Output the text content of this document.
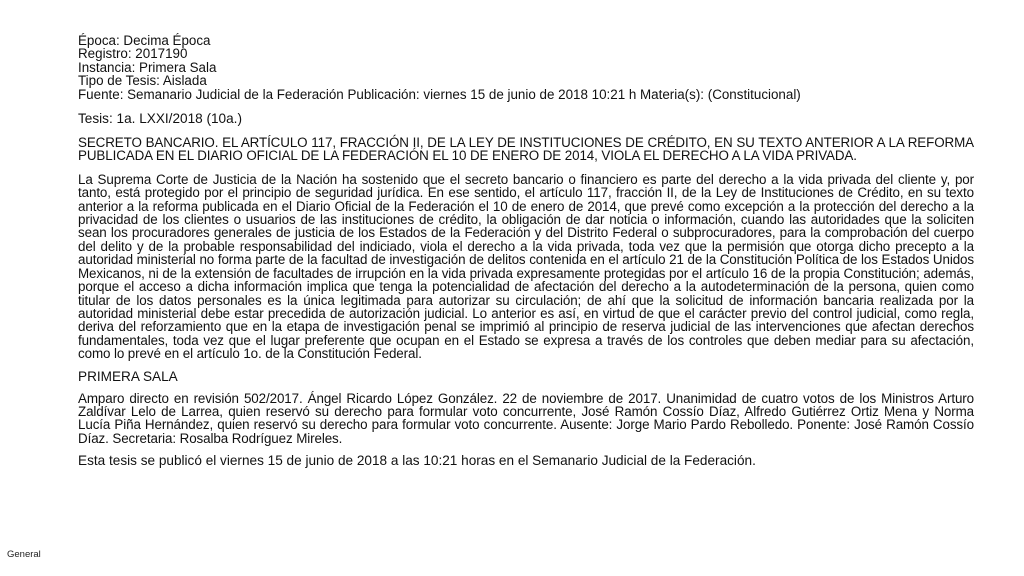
Época: Decima Época
Registro: 2017190
Instancia: Primera Sala
Tipo de Tesis: Aislada
Fuente: Semanario Judicial de la Federación Publicación: viernes 15 de junio de 2018 10:21 h Materia(s): (Constitucional)
Tesis: 1a. LXXI/2018 (10a.)

SECRETO BANCARIO. EL ARTÍCULO 117, FRACCIÓN II, DE LA LEY DE INSTITUCIONES DE CRÉDITO, EN SU TEXTO ANTERIOR A LA REFORMA PUBLICADA EN EL DIARIO OFICIAL DE LA FEDERACIÓN EL 10 DE ENERO DE 2014, VIOLA EL DERECHO A LA VIDA PRIVADA.

La Suprema Corte de Justicia de la Nación ha sostenido que el secreto bancario o financiero es parte del derecho a la vida privada del cliente y, por tanto, está protegido por el principio de seguridad jurídica. En ese sentido, el artículo 117, fracción II, de la Ley de Instituciones de Crédito, en su texto anterior a la reforma publicada en el Diario Oficial de la Federación el 10 de enero de 2014, que prevé como excepción a la protección del derecho a la privacidad de los clientes o usuarios de las instituciones de crédito, la obligación de dar noticia o información, cuando las autoridades que la soliciten sean los procuradores generales de justicia de los Estados de la Federación y del Distrito Federal o subprocuradores, para la comprobación del cuerpo del delito y de la probable responsabilidad del indiciado, viola el derecho a la vida privada, toda vez que la permisión que otorga dicho precepto a la autoridad ministerial no forma parte de la facultad de investigación de delitos contenida en el artículo 21 de la Constitución Política de los Estados Unidos Mexicanos, ni de la extensión de facultades de irrupción en la vida privada expresamente protegidas por el artículo 16 de la propia Constitución; además, porque el acceso a dicha información implica que tenga la potencialidad de afectación del derecho a la autodeterminación de la persona, quien como titular de los datos personales es la única legitimada para autorizar su circulación; de ahí que la solicitud de información bancaria realizada por la autoridad ministerial debe estar precedida de autorización judicial. Lo anterior es así, en virtud de que el carácter previo del control judicial, como regla, deriva del reforzamiento que en la etapa de investigación penal se imprimió al principio de reserva judicial de las intervenciones que afectan derechos fundamentales, toda vez que el lugar preferente que ocupan en el Estado se expresa a través de los controles que deben mediar para su afectación, como lo prevé en el artículo 1o. de la Constitución Federal.

PRIMERA SALA

Amparo directo en revisión 502/2017. Ángel Ricardo López González. 22 de noviembre de 2017. Unanimidad de cuatro votos de los Ministros Arturo Zaldívar Lelo de Larrea, quien reservó su derecho para formular voto concurrente, José Ramón Cossío Díaz, Alfredo Gutiérrez Ortiz Mena y Norma Lucía Piña Hernández, quien reservó su derecho para formular voto concurrente. Ausente: Jorge Mario Pardo Rebolledo. Ponente: José Ramón Cossío Díaz. Secretaria: Rosalba Rodríguez Mireles.

Esta tesis se publicó el viernes 15 de junio de 2018 a las 10:21 horas en el Semanario Judicial de la Federación.
General
